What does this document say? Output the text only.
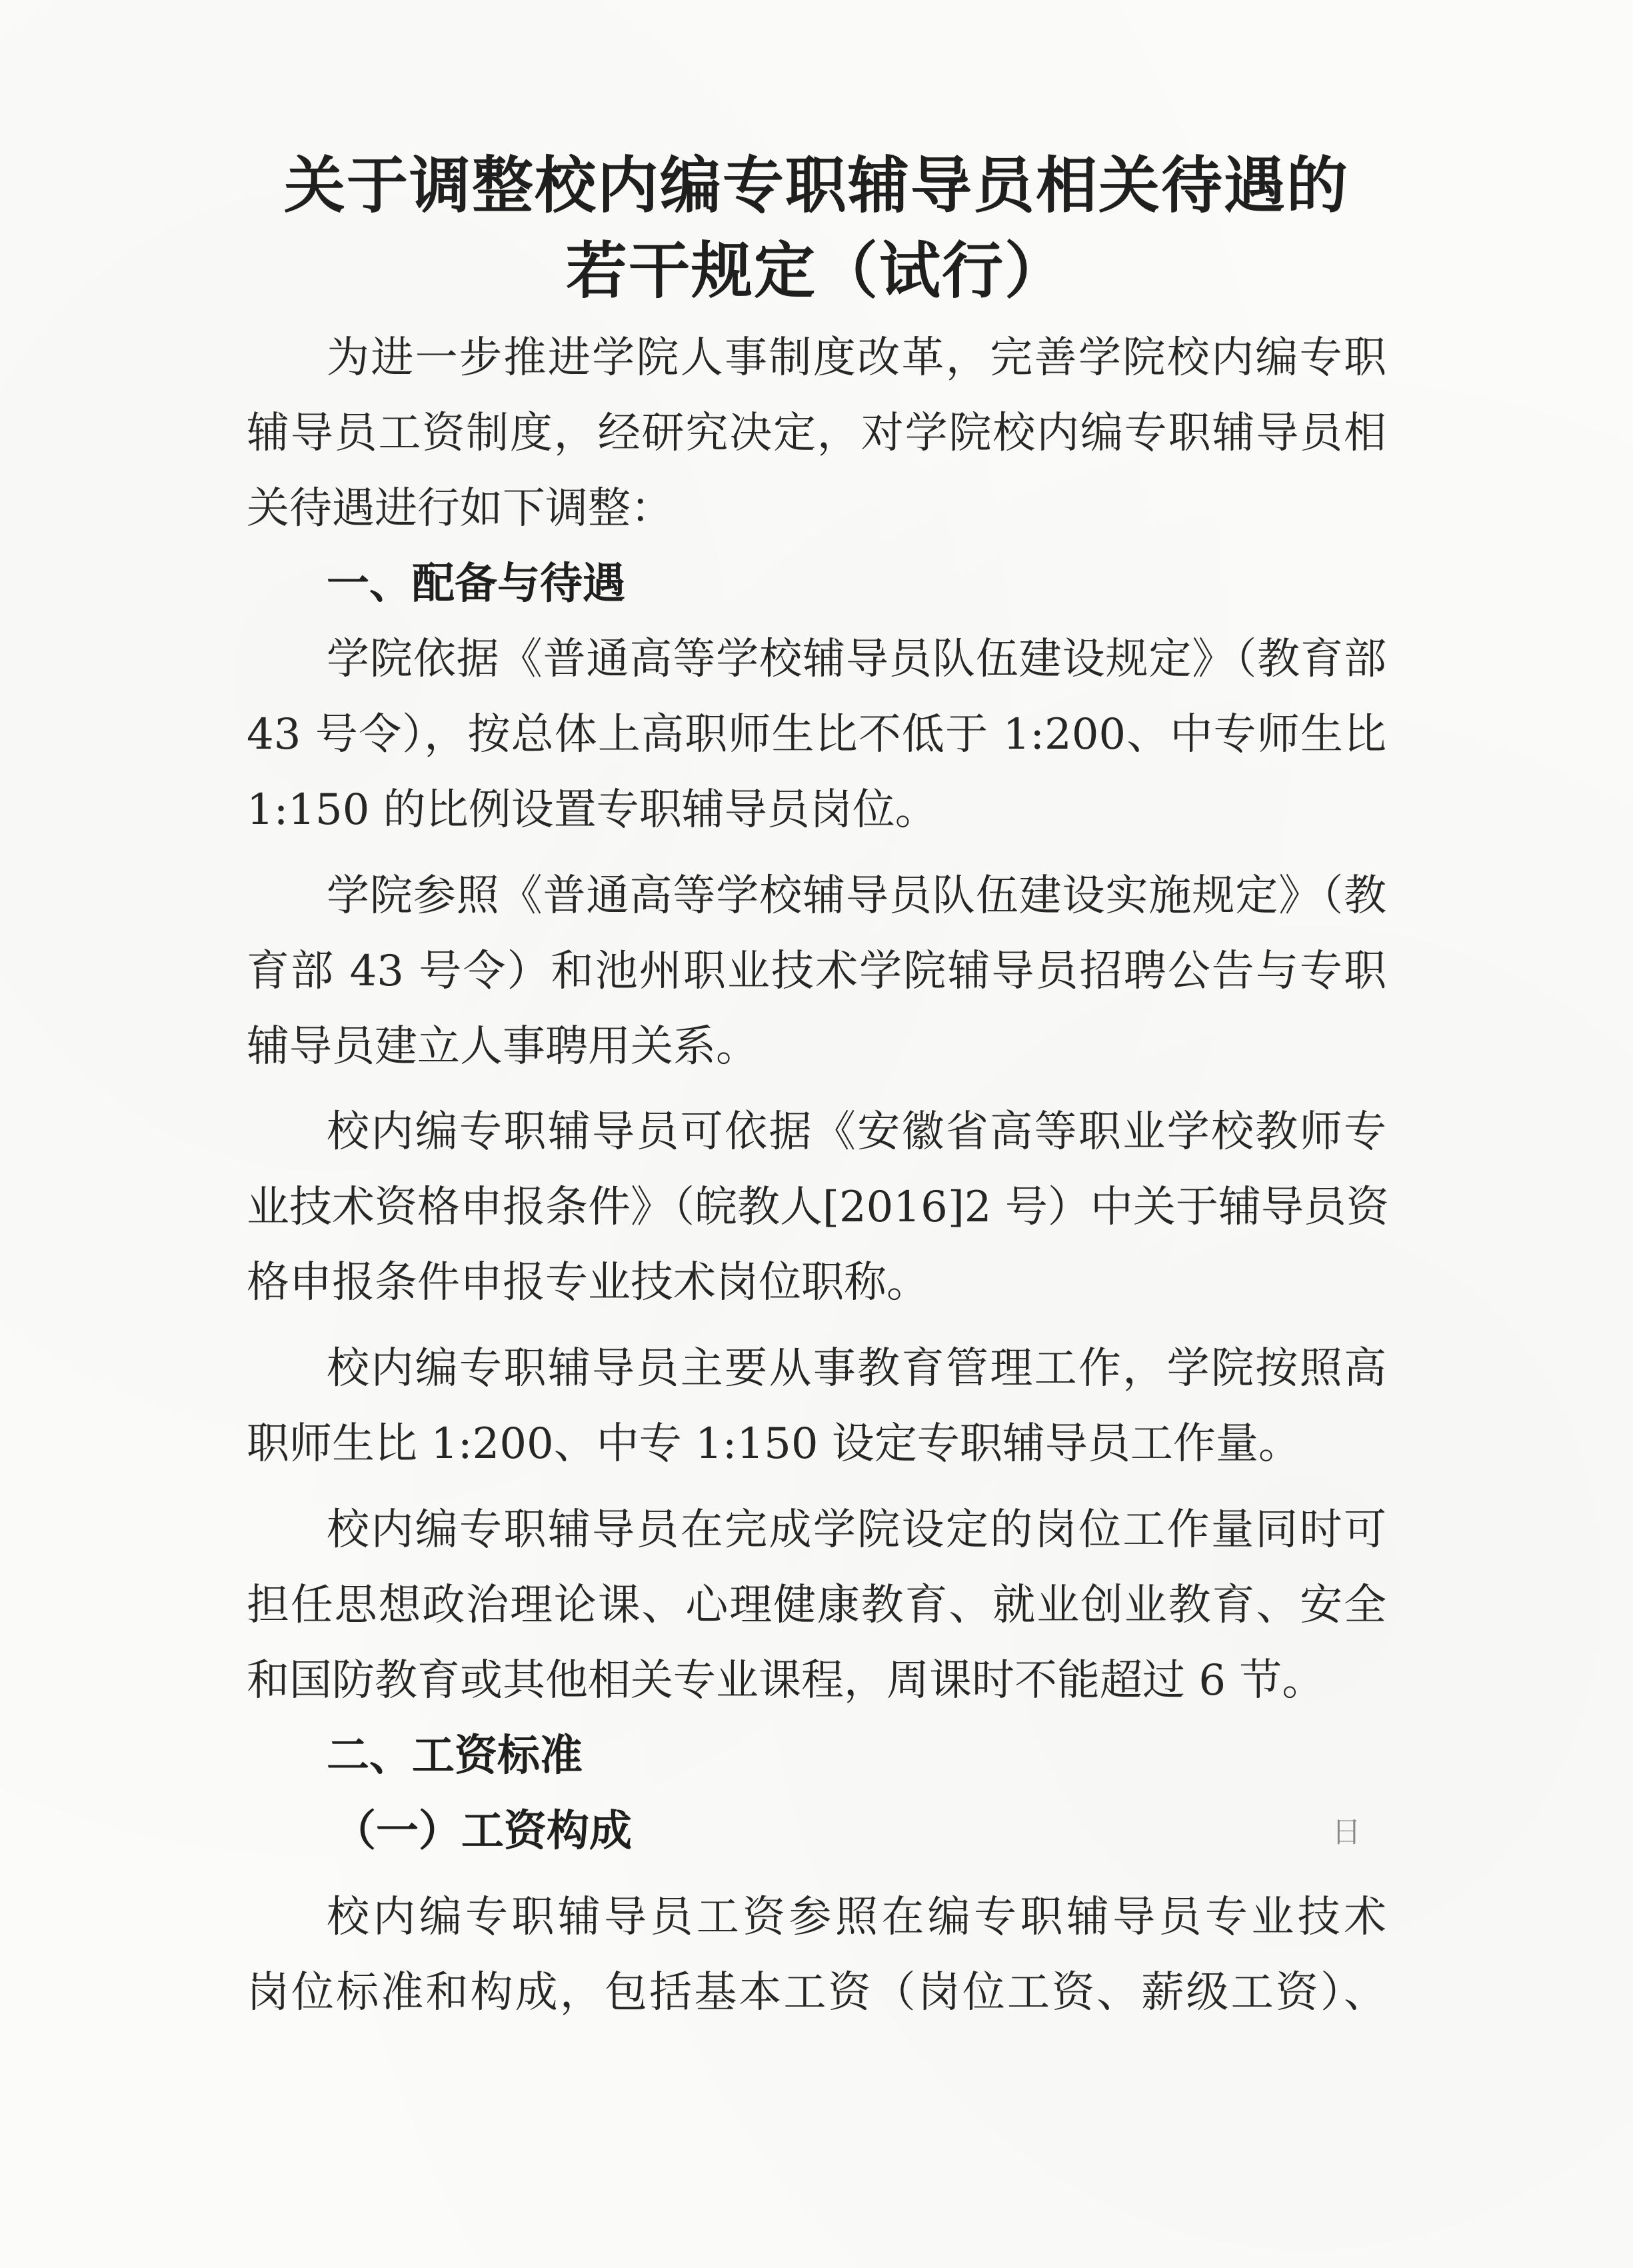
关于调整校内编专职辅导员相关待遇的
若干规定（试行）
为进一步推进学院人事制度改革，完善学院校内编专职
辅导员工资制度，经研究决定，对学院校内编专职辅导员相
关待遇进行如下调整：
一、配备与待遇
学院依据《普通高等学校辅导员队伍建设规定》（教育部
43 号令），按总体上高职师生比不低于 1:200、中专师生比
1:150 的比例设置专职辅导员岗位。
学院参照《普通高等学校辅导员队伍建设实施规定》（教
育部 43 号令）和池州职业技术学院辅导员招聘公告与专职
辅导员建立人事聘用关系。
校内编专职辅导员可依据《安徽省高等职业学校教师专
业技术资格申报条件》（皖教人[2016]2 号）中关于辅导员资
格申报条件申报专业技术岗位职称。
校内编专职辅导员主要从事教育管理工作，学院按照高
职师生比 1:200、中专 1:150 设定专职辅导员工作量。
校内编专职辅导员在完成学院设定的岗位工作量同时可
担任思想政治理论课、心理健康教育、就业创业教育、安全
和国防教育或其他相关专业课程，周课时不能超过 6 节。
二、工资标准
（一）工资构成	日
校内编专职辅导员工资参照在编专职辅导员专业技术
岗位标准和构成，包括基本工资（岗位工资、薪级工资）、
